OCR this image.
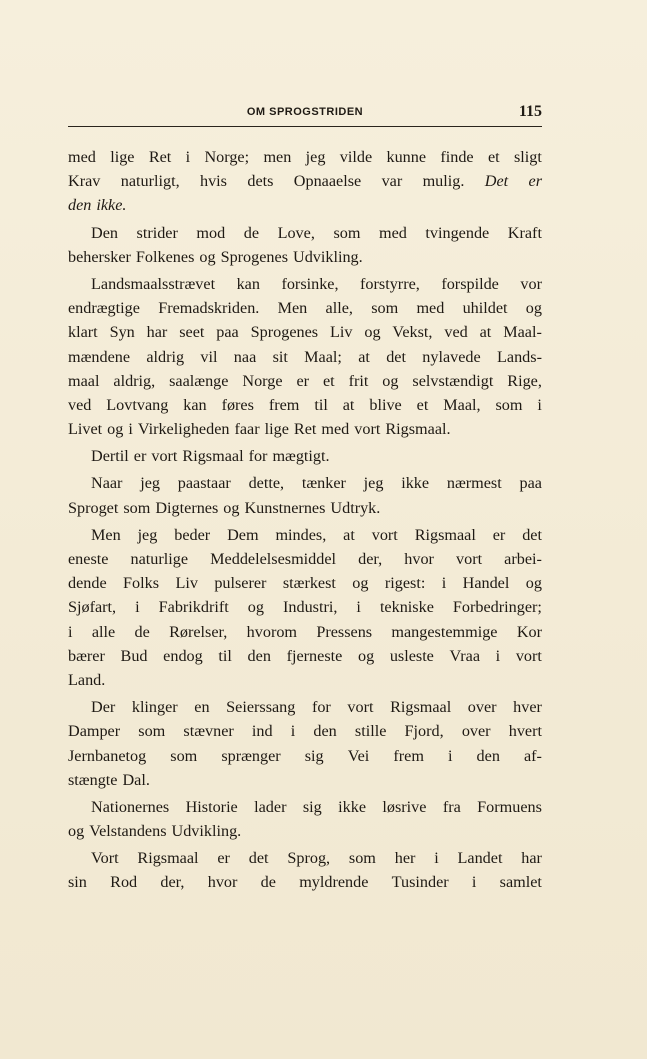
OM SPROGSTRIDEN	115
med lige Ret i Norge; men jeg vilde kunne finde et sligt
Krav naturligt, hvis dets Opnaaelse var mulig. Det er
den ikke.
Den strider mod de Love, som med tvingende Kraft
behersker Folkenes og Sprogenes Udvikling.
Landsmaalsstrævet kan forsinke, forstyrre, forspilde vor
endrægtige Fremadskriden. Men alle, som med uhildet og
klart Syn har seet paa Sprogenes Liv og Vekst, ved at Maal-
mændene aldrig vil naa sit Maal; at det nylavede Lands-
maal aldrig, saalænge Norge er et frit og selvstændigt Rige,
ved Lovtvang kan føres frem til at blive et Maal, som i
Livet og i Virkeligheden faar lige Ret med vort Rigsmaal.
Dertil er vort Rigsmaal for mægtigt.
Naar jeg paastaar dette, tænker jeg ikke nærmest paa
Sproget som Digternes og Kunstnernes Udtryk.
Men jeg beder Dem mindes, at vort Rigsmaal er det
eneste naturlige Meddelelsesmiddel der, hvor vort arbei-
dende Folks Liv pulserer stærkest og rigest: i Handel og
Sjøfart, i Fabrikdrift og Industri, i tekniske Forbedringer;
i alle de Rørelser, hvorom Pressens mangestemmige Kor
bærer Bud endog til den fjerneste og usleste Vraa i vort
Land.
Der klinger en Seierssang for vort Rigsmaal over hver
Damper som stævner ind i den stille Fjord, over hvert
Jernbanetog som sprænger sig Vei frem i den af-
stængte Dal.
Nationernes Historie lader sig ikke løsrive fra Formuens
og Velstandens Udvikling.
Vort Rigsmaal er det Sprog, som her i Landet har
sin Rod der, hvor de myldrende Tusinder i samlet
